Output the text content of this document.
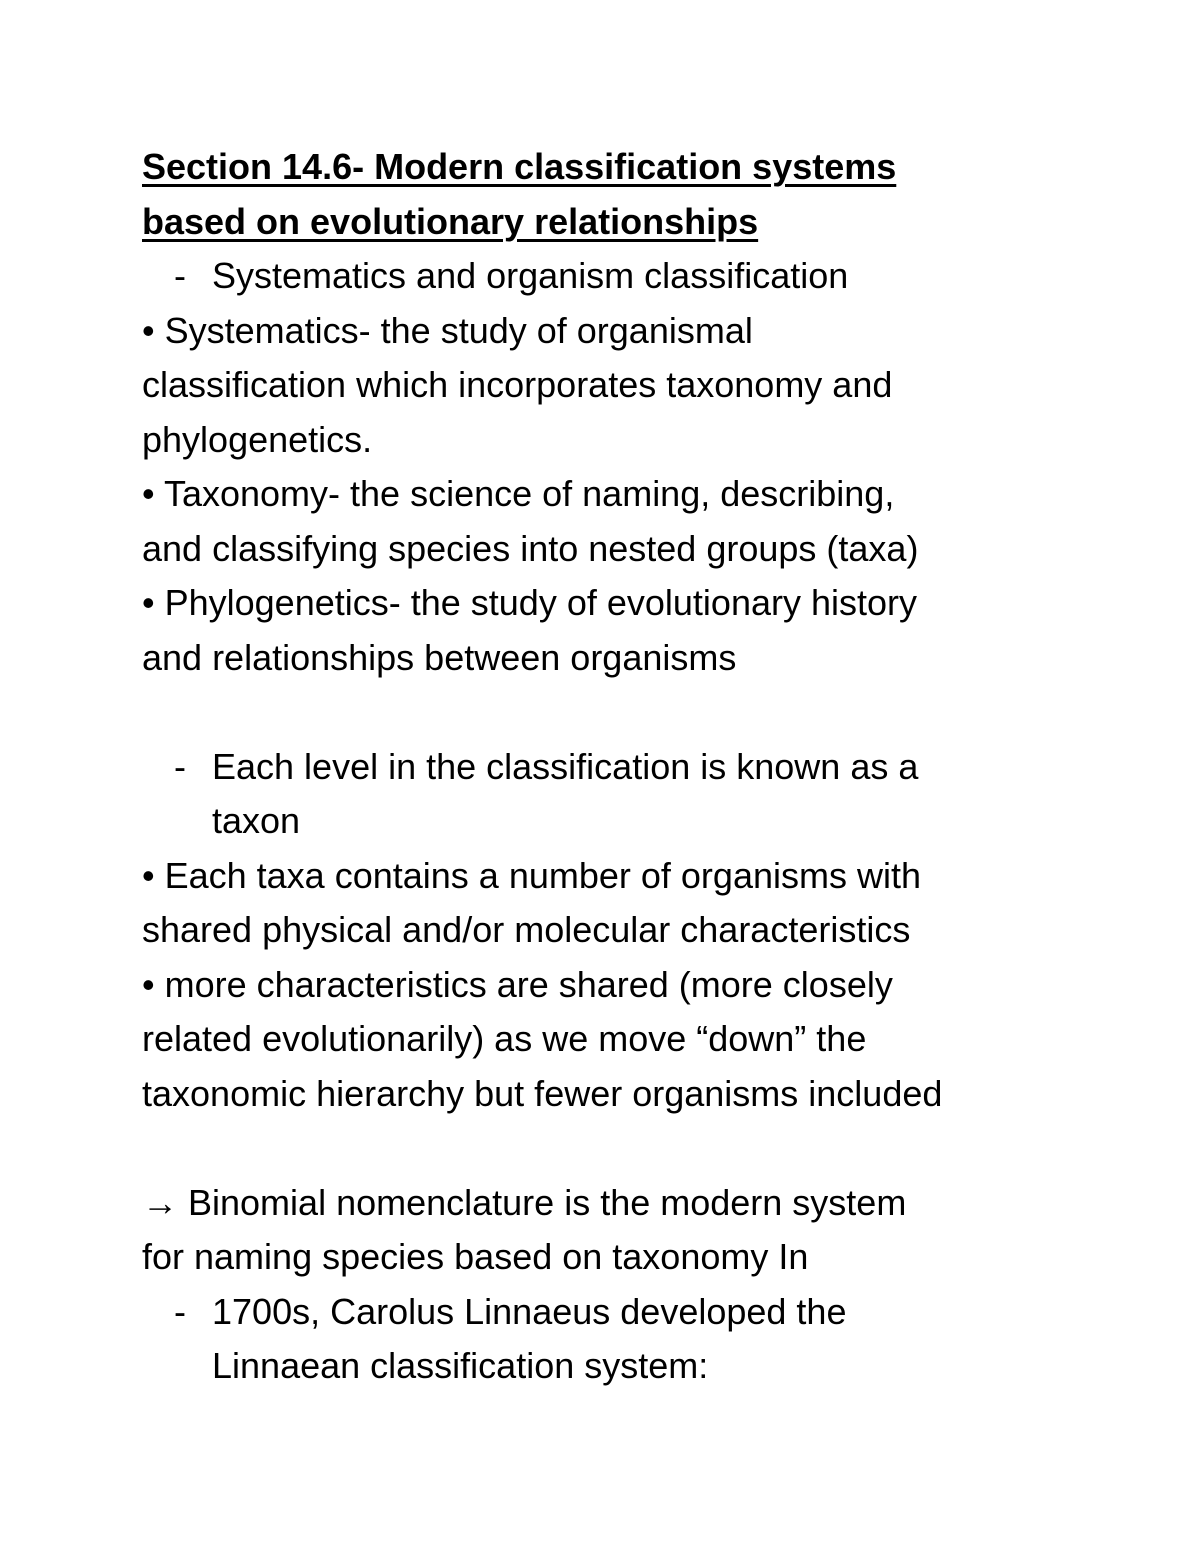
Section 14.6- Modern classification systems
based on evolutionary relationships
- Systematics and organism classification
• Systematics- the study of organismal
classification which incorporates taxonomy and
phylogenetics.
• Taxonomy- the science of naming, describing,
and classifying species into nested groups (taxa)
• Phylogenetics- the study of evolutionary history
and relationships between organisms
- Each level in the classification is known as a
taxon
• Each taxa contains a number of organisms with
shared physical and/or molecular characteristics
• more characteristics are shared (more closely
related evolutionarily) as we move “down” the
taxonomic hierarchy but fewer organisms included
→ Binomial nomenclature is the modern system
for naming species based on taxonomy In
- 1700s, Carolus Linnaeus developed the
Linnaean classification system:
